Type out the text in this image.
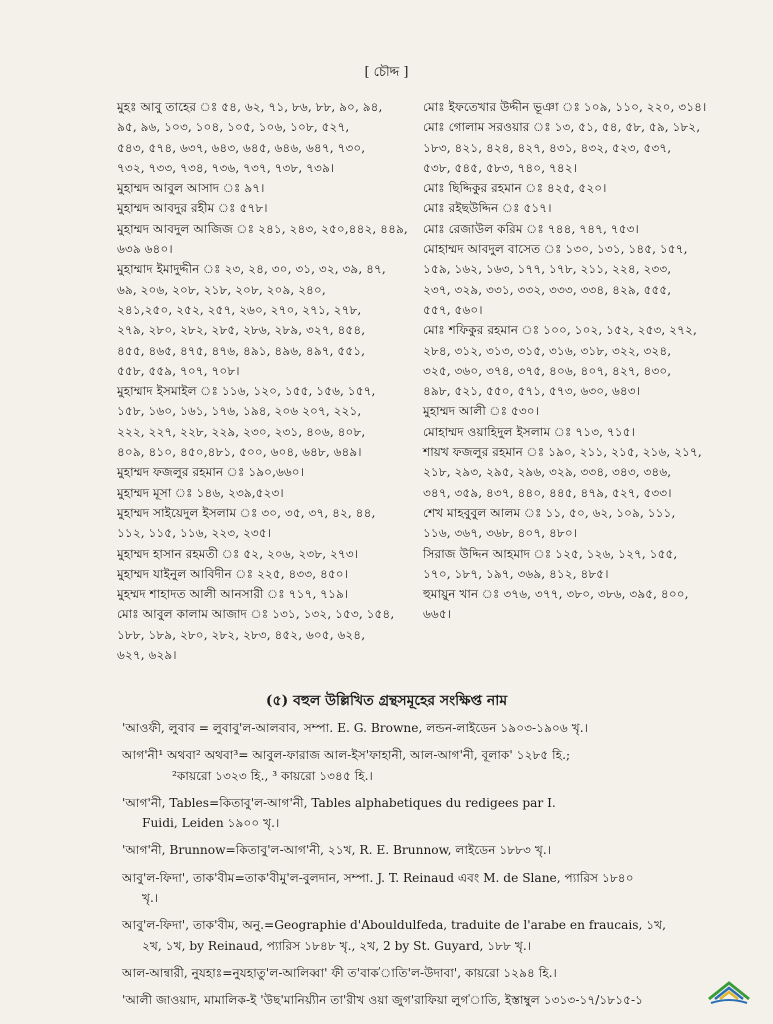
[ চৌদ্দ ]
মুহঃ আবু তাহের ঃ ৫৪, ৬২, ৭১, ৮৬, ৮৮, ৯০, ৯৪,
৯৫, ৯৬, ১০৩, ১০৪, ১০৫, ১০৬, ১০৮, ৫২৭,
৫৪৩, ৫৭৪, ৬৩৭, ৬৪৩, ৬৪৫, ৬৪৬, ৬৪৭, ৭৩০,
৭৩২, ৭৩৩, ৭৩৪, ৭৩৬, ৭৩৭, ৭৩৮, ৭৩৯।
মুহাম্মদ আবুল আসাদ ঃ ৯৭।
মুহাম্মদ আবদুর রহীম ঃ ৫৭৮।
মুহাম্মদ আবদুল আজিজ ঃ ২৪১, ২৪৩, ২৫০,৪৪২, ৪৪৯,
৬৩৯ ৬৪০।
মুহাম্মাদ ইমাদুদ্দীন ঃ ২৩, ২৪, ৩০, ৩১, ৩২, ৩৯, ৪৭,
৬৯, ২০৬, ২০৮, ২১৮, ২০৮, ২০৯, ২৪০,
২৪১,২৫০, ২৫২, ২৫৭, ২৬০, ২৭০, ২৭১, ২৭৮,
২৭৯, ২৮০, ২৮২, ২৮৫, ২৮৬, ২৮৯, ৩২৭, ৪৫৪,
৪৫৫, ৪৬৫, ৪৭৫, ৪৭৬, ৪৯১, ৪৯৬, ৪৯৭, ৫৫১,
৫৫৮, ৫৫৯, ৭০৭, ৭০৮।
মুহাম্মাদ ইসমাইল ঃ ১১৬, ১২০, ১৫৫, ১৫৬, ১৫৭,
১৫৮, ১৬০, ১৬১, ১৭৬, ১৯৪, ২০৬ ২০৭, ২২১,
২২২, ২২৭, ২২৮, ২২৯, ২৩০, ২৩১, ৪০৬, ৪০৮,
৪০৯, ৪১০, ৪৫০,৪৮১, ৫০০, ৬০৪, ৬৪৮, ৬৪৯।
মুহাম্মদ ফজলুর রহমান ঃ ১৯০,৬৬০।
মুহাম্মদ মূসা ঃ ১৪৬, ২৩৯,৫২৩।
মুহাম্মদ সাইয়েদুল ইসলাম ঃ ৩০, ৩৫, ৩৭, ৪২, ৪৪,
১১২, ১১৫, ১১৬, ২২৩, ২৩৫।
মুহাম্মদ হাসান রহমতী ঃ ৫২, ২০৬, ২৩৮, ২৭৩।
মুহাম্মদ যাইনুল আবিদীন ঃ ২২৫, ৪৩৩, ৪৫০।
মুহম্মদ শাহাদত আলী আনসারী ঃ ৭১৭, ৭১৯।
মোঃ আবুল কালাম আজাদ ঃ ১৩১, ১৩২, ১৫৩, ১৫৪,
১৮৮, ১৮৯, ২৮০, ২৮২, ২৮৩, ৪৫২, ৬০৫, ৬২৪,
৬২৭, ৬২৯।
মোঃ ইফতেখার উদ্দীন ভূঞা ঃ ১০৯, ১১০, ২২০, ৩১৪।
মোঃ গোলাম সরওয়ার ঃ ১৩, ৫১, ৫৪, ৫৮, ৫৯, ১৮২,
১৮৩, ৪২১, ৪২৪, ৪২৭, ৪৩১, ৪৩২, ৫২৩, ৫৩৭,
৫৩৮, ৫৪৫, ৫৮৩, ৭৪০, ৭৪২।
মোঃ ছিদ্দিকুর রহমান ঃ ৪২৫, ৫২০।
মোঃ রইছউদ্দিন ঃ ৫১৭।
মোঃ রেজাউল করিম ঃ ৭৪৪, ৭৪৭, ৭৫৩।
মোহাম্মদ আবদুল বাসেত ঃ ১৩০, ১৩১, ১৪৫, ১৫৭,
১৫৯, ১৬২, ১৬৩, ১৭৭, ১৭৮, ২১১, ২২৪, ২৩৩,
২৩৭, ৩২৯, ৩৩১, ৩৩২, ৩৩৩, ৩৩৪, ৪২৯, ৫৫৫,
৫৫৭, ৫৬০।
মোঃ শফিকুর রহমান ঃ ১০০, ১০২, ১৫২, ২৫৩, ২৭২,
২৮৪, ৩১২, ৩১৩, ৩১৫, ৩১৬, ৩১৮, ৩২২, ৩২৪,
৩২৫, ৩৬০, ৩৭৪, ৩৭৫, ৪০৬, ৪০৭, ৪২৭, ৪৩০,
৪৯৮, ৫২১, ৫৫০, ৫৭১, ৫৭৩, ৬৩০, ৬৪৩।
মুহাম্মদ আলী ঃ ৫৩০।
মোহাম্মদ ওয়াহিদুল ইসলাম ঃ ৭১৩, ৭১৫।
শায়খ ফজলুর রহমান ঃ ১৯০, ২১১, ২১৫, ২১৬, ২১৭,
২১৮, ২৯৩, ২৯৫, ২৯৬, ৩২৯, ৩৩৪, ৩৪৩, ৩৪৬,
৩৪৭, ৩৫৯, ৪৩৭, ৪৪০, ৪৪৫, ৪৭৯, ৫২৭, ৫৩৩।
শেখ মাহবুবুল আলম ঃ ১১, ৫০, ৬২, ১০৯, ১১১,
১১৬, ৩৬৭, ৩৬৮, ৪০৭, ৪৮০।
সিরাজ উদ্দিন আহমাদ ঃ ১২৫, ১২৬, ১২৭, ১৫৫,
১৭০, ১৮৭, ১৯৭, ৩৬৯, ৪১২, ৪৮৫।
হুমায়ুন খান ঃ ৩৭৬, ৩৭৭, ৩৮০, ৩৮৬, ৩৯৫, ৪০০,
৬৬৫।
(৫) বহুল উল্লিখিত গ্রন্থসমূহের সংক্ষিপ্ত নাম
'আওফী, লুবাব = লুবাবু'ল-আলবাব, সম্পা. E. G. Browne, লন্ডন-লাইডেন ১৯০৩-১৯০৬ খৃ.।
আগ'নী¹ অথবা² অথবা³= আবুল-ফারাজ আল-ইস'ফাহানী, আল-আগ'নী, বূলাক' ১২৮৫ হি.;
²কায়রো ১৩২৩ হি., ³ কায়রো ১৩৪৫ হি.।
'আগ'নী, Tables=কিতাবু'ল-আগ'নী, Tables alphabetiques du redigees par I.
Fuidi, Leiden ১৯০০ খৃ.।
'আগ'নী, Brunnow=কিতাবু'ল-আগ'নী, ২১খ, R. E. Brunnow, লাইডেন ১৮৮৩ খৃ.।
আবু'ল-ফিদা', তাক'বীম=তাক'বীমু'ল-বুলদান, সম্পা. J. T. Reinaud এবং M. de Slane, প্যারিস ১৮৪০
খৃ.।
আবু'ল-ফিদা', তাক'বীম, অনু.=Geographie d'Abouldulfeda, traduite de l'arabe en fraucais, ১খ,
২খ, ১খ, by Reinaud, প্যারিস ১৮৪৮ খৃ., ২খ, 2 by St. Guyard, ১৮৮ খৃ.।
আল-আন্বারী, নুযহাঃ=নুযহাতু'ল-আলিব্বা' ফী ত'বাক'াতি'ল-উদাবা', কায়রো ১২৯৪ হি.।
'আলী জাওয়াদ, মামালিক-ই 'উছ'মানিয়্যীন তা'রীখ ওয়া জুগ'রাফিয়া লুগ'াতি, ইস্তাম্বুল ১৩১৩-১৭/১৮১৫-১
